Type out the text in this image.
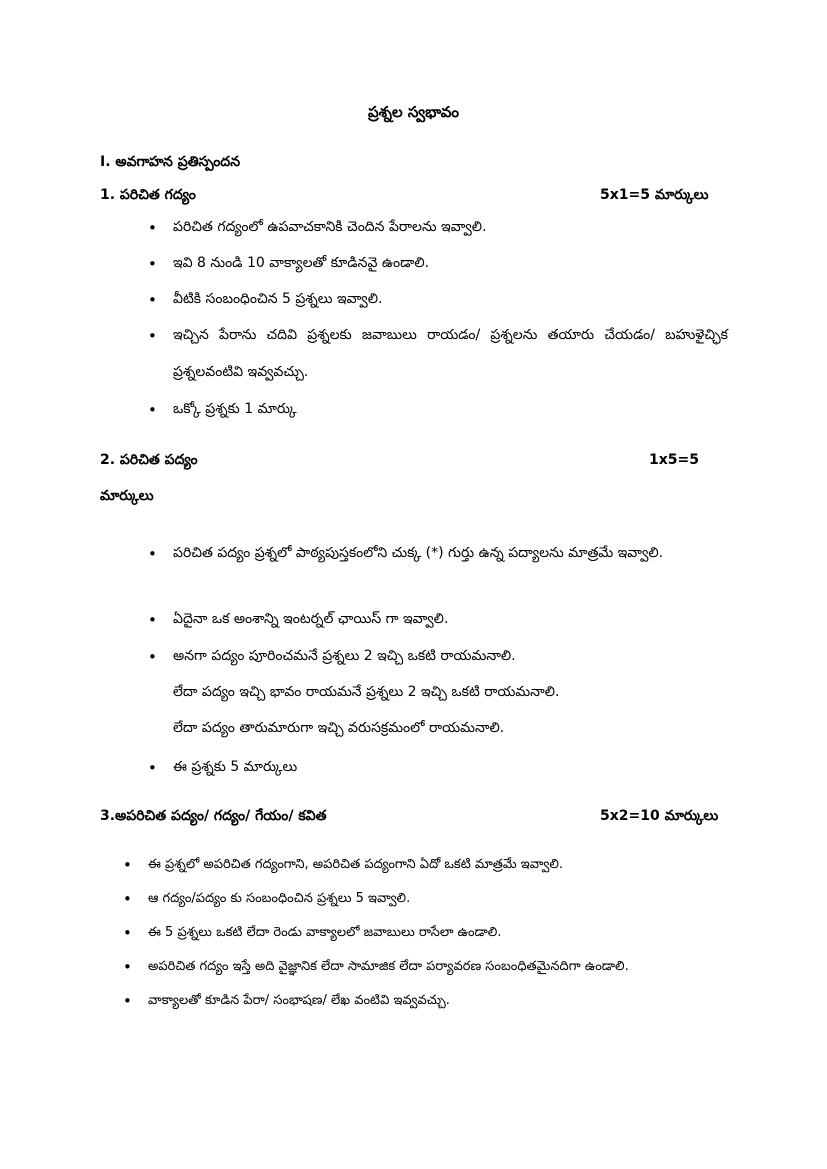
ప్రశ్నల స్వభావం
I. అవగాహన ప్రతిస్పందన
1. పరిచిత గద్యం	5x1=5 మార్కులు
• పరిచిత గద్యంలో ఉపవాచకానికి చెందిన పేరాలను ఇవ్వాలి.
• ఇవి 8 నుండి 10 వాక్యాలతో కూడినవై ఉండాలి.
• వీటికి సంబంధించిన 5 ప్రశ్నలు ఇవ్వాలి.
• ఇచ్చిన పేరాను చదివి ప్రశ్నలకు జవాబులు రాయడం/ ప్రశ్నలను తయారు చేయడం/ బహుళైచ్ఛిక ప్రశ్నలవంటివి ఇవ్వవచ్చు.
• ఒక్కో ప్రశ్నకు 1 మార్కు
2. పరిచిత పద్యం	1x5=5
మార్కులు
• పరిచిత పద్యం ప్రశ్నలో పాఠ్యపుస్తకంలోని చుక్క (*) గుర్తు ఉన్న పద్యాలను మాత్రమే ఇవ్వాలి.
• ఏదైనా ఒక అంశాన్ని ఇంటర్నల్ ఛాయిస్ గా ఇవ్వాలి.
• అనగా పద్యం పూరించమనే ప్రశ్నలు 2 ఇచ్చి ఒకటి రాయమనాలి.
లేదా పద్యం ఇచ్చి భావం రాయమనే ప్రశ్నలు 2 ఇచ్చి ఒకటి రాయమనాలి.
లేదా పద్యం తారుమారుగా ఇచ్చి వరుసక్రమంలో రాయమనాలి.
• ఈ ప్రశ్నకు 5 మార్కులు
3.అపరిచిత పద్యం/ గద్యం/ గేయం/ కవిత	5x2=10 మార్కులు
• ఈ ప్రశ్నలో అపరిచిత గద్యంగాని, అపరిచిత పద్యంగాని ఏదో ఒకటి మాత్రమే ఇవ్వాలి.
• ఆ గద్యం/పద్యం కు సంబంధించిన ప్రశ్నలు 5 ఇవ్వాలి.
• ఈ 5 ప్రశ్నలు ఒకటి లేదా రెండు వాక్యాలలో జవాబులు రాసేలా ఉండాలి.
• అపరిచిత గద్యం ఇస్తే అది వైజ్ఞానిక లేదా సామాజిక లేదా పర్యావరణ సంబంధితమైనదిగా ఉండాలి.
• వాక్యాలతో కూడిన పేరా/ సంభాషణ/ లేఖ వంటివి ఇవ్వవచ్చు.
